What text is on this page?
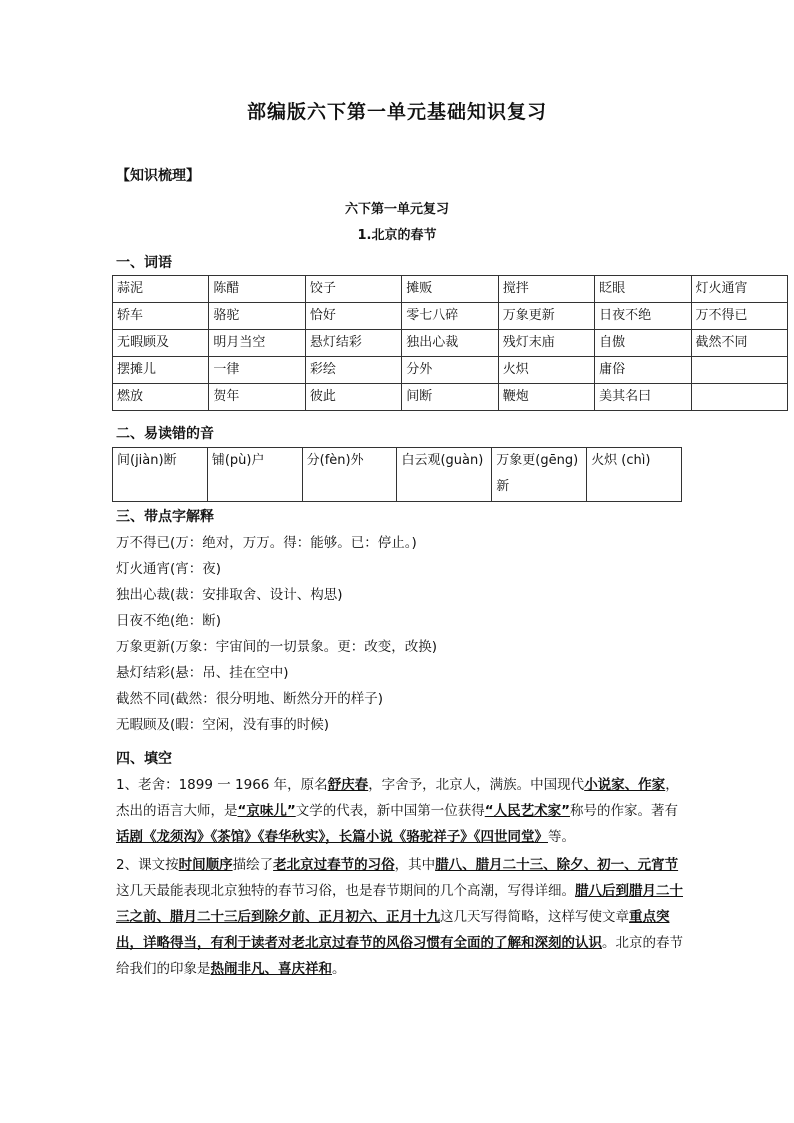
部编版六下第一单元基础知识复习
【知识梳理】
六下第一单元复习
1.北京的春节
一、词语
蒜泥	陈醋	饺子	摊贩	搅拌	眨眼	灯火通宵
轿车	骆驼	恰好	零七八碎	万象更新	日夜不绝	万不得已
无暇顾及	明月当空	悬灯结彩	独出心裁	残灯末庙	自傲	截然不同
摆摊儿	一律	彩绘	分外	火炽	庸俗	
燃放	贺年	彼此	间断	鞭炮	美其名曰	
二、易读错的音
间(jiàn)断	铺(pù)户	分(fèn)外	白云观(guàn)	万象更(gēng)新	火炽 (chì)
三、带点字解释
万不得已(万：绝对，万万。得：能够。已：停止。)
灯火通宵(宵：夜)
独出心裁(裁：安排取舍、设计、构思)
日夜不绝(绝：断)
万象更新(万象：宇宙间的一切景象。更：改变，改换)
悬灯结彩(悬：吊、挂在空中)
截然不同(截然：很分明地、断然分开的样子)
无暇顾及(暇：空闲，没有事的时候)
四、填空
1、老舍：1899 一 1966 年，原名舒庆春，字舍予，北京人，满族。中国现代小说家、作家，杰出的语言大师，是“京味儿”文学的代表，新中国第一位获得“人民艺术家”称号的作家。著有话剧《龙须沟》《茶馆》《春华秋实》，长篇小说《骆驼祥子》《四世同堂》等。
2、课文按时间顺序描绘了老北京过春节的习俗，其中腊八、腊月二十三、除夕、初一、元宵节这几天最能表现北京独特的春节习俗，也是春节期间的几个高潮，写得详细。腊八后到腊月二十三之前、腊月二十三后到除夕前、正月初六、正月十九这几天写得简略，这样写使文章重点突出，详略得当，有利于读者对老北京过春节的风俗习惯有全面的了解和深刻的认识。北京的春节给我们的印象是热闹非凡、喜庆祥和。
